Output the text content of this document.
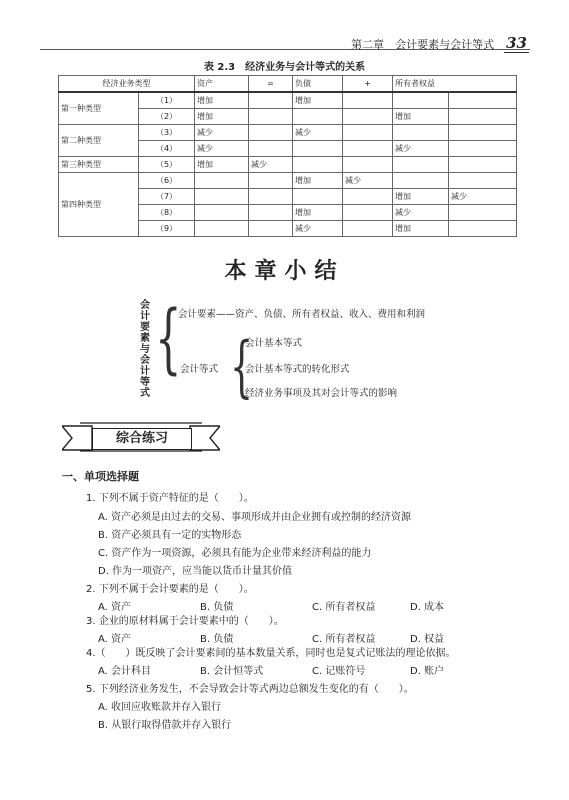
第二章　会计要素与会计等式 33
表 2.3　经济业务与会计等式的关系
经济业务类型		资产	=	负债	+	所有者权益	
第一种类型	（1）	增加		增加			
	（2）	增加				增加	
第二种类型	（3）	减少		减少			
	（4）	减少				减少	
第三种类型	（5）	增加	减少				
第四种类型	（6）			增加	减少		
	（7）					增加	减少
	（8）			增加		减少	
	（9）			减少		增加	
本章小结
会
计
要
素
与
会
计
等
式
{
会计要素——资产、负债、所有者权益、收入、费用和利润
会计等式 {
会计基本等式
会计基本等式的转化形式
经济业务事项及其对会计等式的影响
综合练习
一、单项选择题
1. 下列不属于资产特征的是（　　）。
A. 资产必须是由过去的交易、事项形成并由企业拥有或控制的经济资源
B. 资产必须具有一定的实物形态
C. 资产作为一项资源，必须具有能为企业带来经济利益的能力
D. 作为一项资产，应当能以货币计量其价值
2. 下列不属于会计要素的是（　　）。
A. 资产	B. 负债	C. 所有者权益	D. 成本
3. 企业的原材料属于会计要素中的（　　）。
A. 资产	B. 负债	C. 所有者权益	D. 权益
4.（　　）既反映了会计要素间的基本数量关系，同时也是复式记账法的理论依据。
A. 会计科目	B. 会计恒等式	C. 记账符号	D. 账户
5. 下列经济业务发生，不会导致会计等式两边总额发生变化的有（　　）。
A. 收回应收账款并存入银行
B. 从银行取得借款并存入银行
